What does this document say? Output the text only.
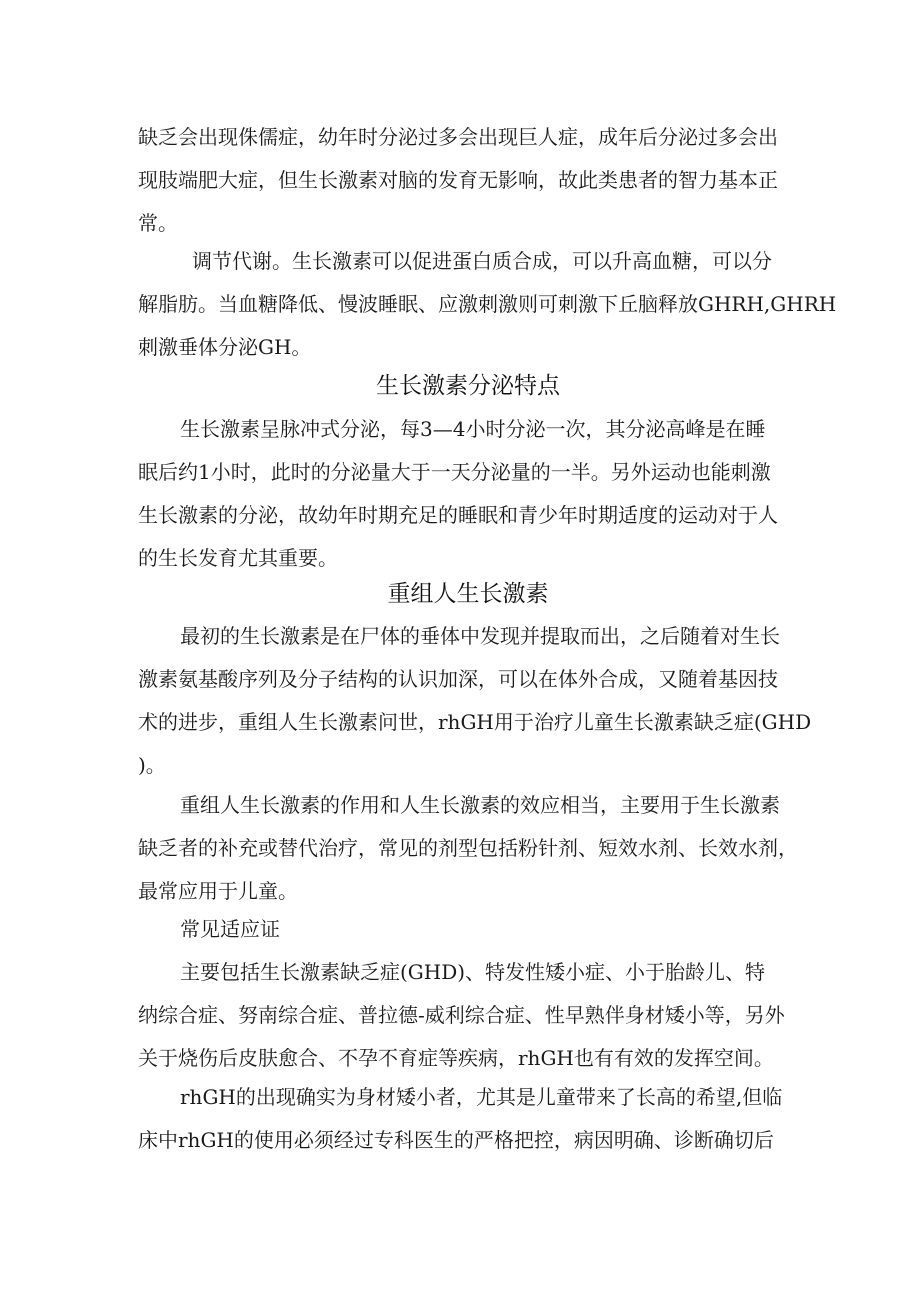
缺乏会出现侏儒症，幼年时分泌过多会出现巨人症，成年后分泌过多会出
现肢端肥大症，但生长激素对脑的发育无影响，故此类患者的智力基本正
常。

调节代谢。生长激素可以促进蛋白质合成，可以升高血糖，可以分
解脂肪。当血糖降低、慢波睡眠、应激刺激则可刺激下丘脑释放GHRH,GHRH
刺激垂体分泌GH。

生长激素分泌特点

生长激素呈脉冲式分泌，每3—4小时分泌一次，其分泌高峰是在睡
眠后约1小时，此时的分泌量大于一天分泌量的一半。另外运动也能刺激
生长激素的分泌，故幼年时期充足的睡眠和青少年时期适度的运动对于人
的生长发育尤其重要。

重组人生长激素

最初的生长激素是在尸体的垂体中发现并提取而出，之后随着对生长
激素氨基酸序列及分子结构的认识加深，可以在体外合成，又随着基因技
术的进步，重组人生长激素问世，rhGH用于治疗儿童生长激素缺乏症(GHD
)。

重组人生长激素的作用和人生长激素的效应相当，主要用于生长激素
缺乏者的补充或替代治疗，常见的剂型包括粉针剂、短效水剂、长效水剂，
最常应用于儿童。

常见适应证

主要包括生长激素缺乏症(GHD)、特发性矮小症、小于胎龄儿、特
纳综合症、努南综合症、普拉德-威利综合症、性早熟伴身材矮小等，另外
关于烧伤后皮肤愈合、不孕不育症等疾病，rhGH也有有效的发挥空间。

rhGH的出现确实为身材矮小者，尤其是儿童带来了长高的希望,但临
床中rhGH的使用必须经过专科医生的严格把控，病因明确、诊断确切后
